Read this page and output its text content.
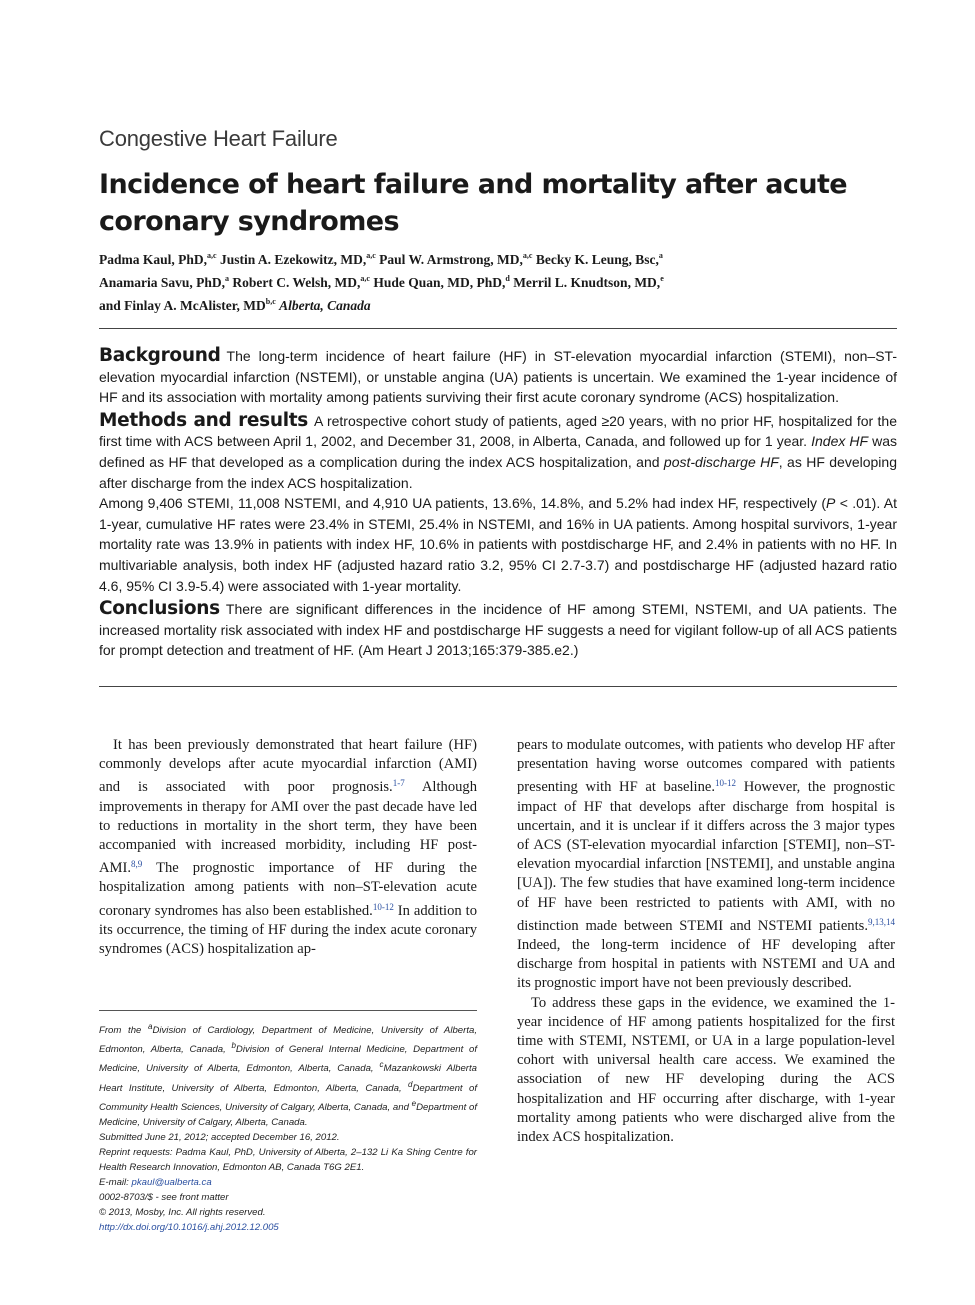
Congestive Heart Failure
Incidence of heart failure and mortality after acute coronary syndromes
Padma Kaul, PhD,$^{a,c}$ Justin A. Ezekowitz, MD,$^{a,c}$ Paul W. Armstrong, MD,$^{a,c}$ Becky K. Leung, Bsc,$^a$
Anamaria Savu, PhD,$^a$ Robert C. Welsh, MD,$^{a,c}$ Hude Quan, MD, PhD,$^d$ Merril L. Knudtson, MD,$^e$
and Finlay A. McAlister, MD$^{b,c}$ Alberta, Canada

Background The long-term incidence of heart failure (HF) in ST-elevation myocardial infarction (STEMI), non–ST-elevation myocardial infarction (NSTEMI), or unstable angina (UA) patients is uncertain. We examined the 1-year incidence of HF and its association with mortality among patients surviving their first acute coronary syndrome (ACS) hospitalization.

Methods and results A retrospective cohort study of patients, aged ≥20 years, with no prior HF, hospitalized for the first time with ACS between April 1, 2002, and December 31, 2008, in Alberta, Canada, and followed up for 1 year. Index HF was defined as HF that developed as a complication during the index ACS hospitalization, and post-discharge HF, as HF developing after discharge from the index ACS hospitalization.

Among 9,406 STEMI, 11,008 NSTEMI, and 4,910 UA patients, 13.6%, 14.8%, and 5.2% had index HF, respectively (P < .01). At 1-year, cumulative HF rates were 23.4% in STEMI, 25.4% in NSTEMI, and 16% in UA patients. Among hospital survivors, 1-year mortality rate was 13.9% in patients with index HF, 10.6% in patients with postdischarge HF, and 2.4% in patients with no HF. In multivariable analysis, both index HF (adjusted hazard ratio 3.2, 95% CI 2.7-3.7) and postdischarge HF (adjusted hazard ratio 4.6, 95% CI 3.9-5.4) were associated with 1-year mortality.

Conclusions There are significant differences in the incidence of HF among STEMI, NSTEMI, and UA patients. The increased mortality risk associated with index HF and postdischarge HF suggests a need for vigilant follow-up of all ACS patients for prompt detection and treatment of HF. (Am Heart J 2013;165:379-385.e2.)

It has been previously demonstrated that heart failure (HF) commonly develops after acute myocardial infarction (AMI) and is associated with poor prognosis.$^{1-7}$ Although improvements in therapy for AMI over the past decade have led to reductions in mortality in the short term, they have been accompanied with increased morbidity, including HF post-AMI.$^{8,9}$ The prognostic importance of HF during the hospitalization among patients with non–ST-elevation acute coronary syndromes has also been established.$^{10-12}$ In addition to its occurrence, the timing of HF during the index acute coronary syndromes (ACS) hospitalization ap-

From the $^a$Division of Cardiology, Department of Medicine, University of Alberta, Edmonton, Alberta, Canada, $^b$Division of General Internal Medicine, Department of Medicine, University of Alberta, Edmonton, Alberta, Canada, $^c$Mazankowski Alberta Heart Institute, University of Alberta, Edmonton, Alberta, Canada, $^d$Department of Community Health Sciences, University of Calgary, Alberta, Canada, and $^e$Department of Medicine, University of Calgary, Alberta, Canada.
Submitted June 21, 2012; accepted December 16, 2012.
Reprint requests: Padma Kaul, PhD, University of Alberta, 2–132 Li Ka Shing Centre for Health Research Innovation, Edmonton AB, Canada T6G 2E1.
E-mail: pkaul@ualberta.ca
0002-8703/$ - see front matter
© 2013, Mosby, Inc. All rights reserved.
http://dx.doi.org/10.1016/j.ahj.2012.12.005

pears to modulate outcomes, with patients who develop HF after presentation having worse outcomes compared with patients presenting with HF at baseline.$^{10-12}$ However, the prognostic impact of HF that develops after discharge from hospital is uncertain, and it is unclear if it differs across the 3 major types of ACS (ST-elevation myocardial infarction [STEMI], non–ST-elevation myocardial infarction [NSTEMI], and unstable angina [UA]). The few studies that have examined long-term incidence of HF have been restricted to patients with AMI, with no distinction made between STEMI and NSTEMI patients.$^{9,13,14}$ Indeed, the long-term incidence of HF developing after discharge from hospital in patients with NSTEMI and UA and its prognostic import have not been previously described.

To address these gaps in the evidence, we examined the 1-year incidence of HF among patients hospitalized for the first time with STEMI, NSTEMI, or UA in a large population-level cohort with universal health care access. We examined the association of new HF developing during the ACS hospitalization and HF occurring after discharge, with 1-year mortality among patients who were discharged alive from the index ACS hospitalization.
